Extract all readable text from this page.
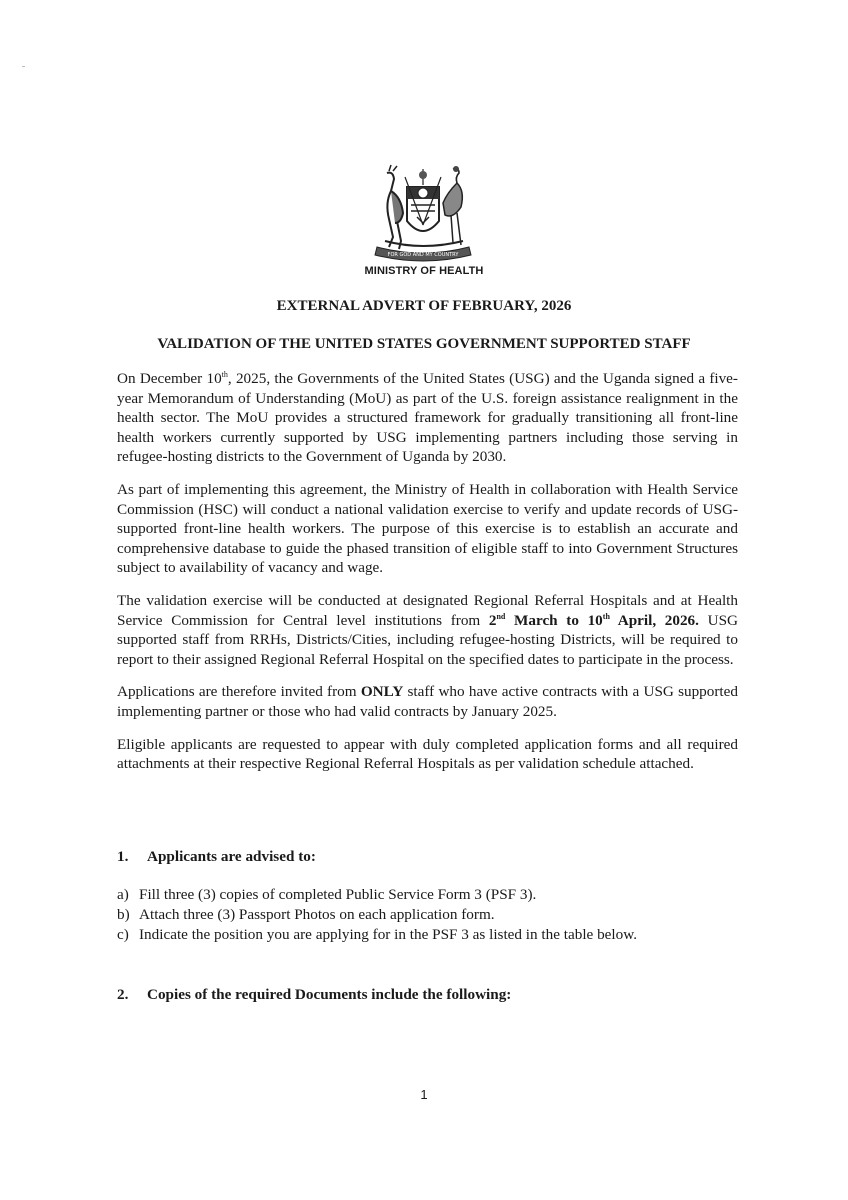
FOR GOD AND MY COUNTRY
MINISTRY OF HEALTH
EXTERNAL ADVERT OF FEBRUARY, 2026
VALIDATION OF THE UNITED STATES GOVERNMENT SUPPORTED STAFF

On December 10th, 2025, the Governments of the United States (USG) and the Uganda signed a five-year Memorandum of Understanding (MoU) as part of the U.S. foreign assistance realignment in the health sector. The MoU provides a structured framework for gradually transitioning all front-line health workers currently supported by USG implementing partners including those serving in refugee-hosting districts to the Government of Uganda by 2030.

As part of implementing this agreement, the Ministry of Health in collaboration with Health Service Commission (HSC) will conduct a national validation exercise to verify and update records of USG-supported front-line health workers. The purpose of this exercise is to establish an accurate and comprehensive database to guide the phased transition of eligible staff to into Government Structures subject to availability of vacancy and wage.

The validation exercise will be conducted at designated Regional Referral Hospitals and at Health Service Commission for Central level institutions from 2nd March to 10th April, 2026. USG supported staff from RRHs, Districts/Cities, including refugee-hosting Districts, will be required to report to their assigned Regional Referral Hospital on the specified dates to participate in the process.

Applications are therefore invited from ONLY staff who have active contracts with a USG supported implementing partner or those who had valid contracts by January 2025.

Eligible applicants are requested to appear with duly completed application forms and all required attachments at their respective Regional Referral Hospitals as per validation schedule attached.

1. Applicants are advised to:
a) Fill three (3) copies of completed Public Service Form 3 (PSF 3).
b) Attach three (3) Passport Photos on each application form.
c) Indicate the position you are applying for in the PSF 3 as listed in the table below.
2. Copies of the required Documents include the following:
1
